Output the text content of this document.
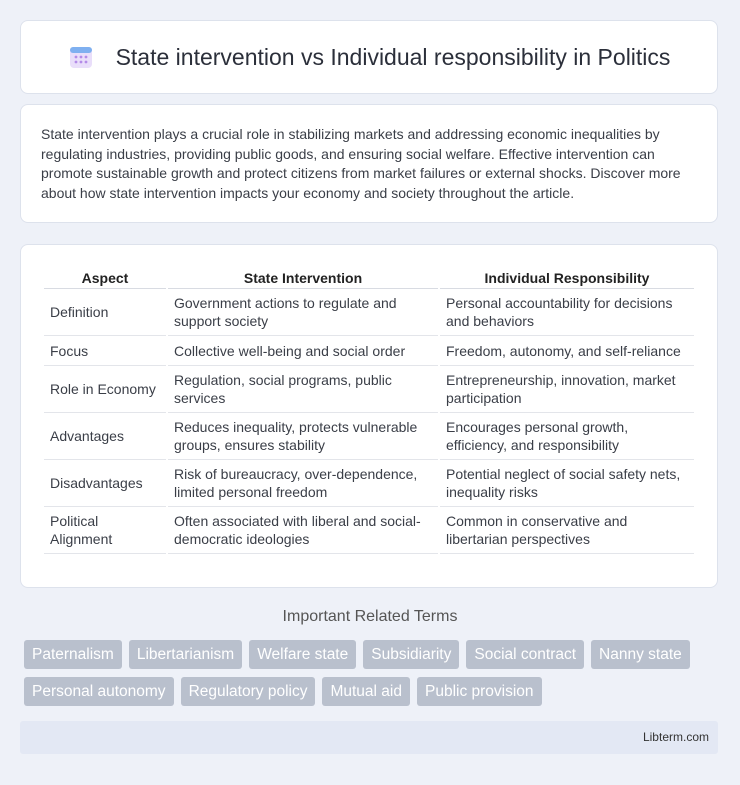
State intervention vs Individual responsibility in Politics

State intervention plays a crucial role in stabilizing markets and addressing economic inequalities by regulating industries, providing public goods, and ensuring social welfare. Effective intervention can promote sustainable growth and protect citizens from market failures or external shocks. Discover more about how state intervention impacts your economy and society throughout the article.

Aspect	State Intervention	Individual Responsibility
Definition	Government actions to regulate and support society	Personal accountability for decisions and behaviors
Focus	Collective well-being and social order	Freedom, autonomy, and self-reliance
Role in Economy	Regulation, social programs, public services	Entrepreneurship, innovation, market participation
Advantages	Reduces inequality, protects vulnerable groups, ensures stability	Encourages personal growth, efficiency, and responsibility
Disadvantages	Risk of bureaucracy, over-dependence, limited personal freedom	Potential neglect of social safety nets, inequality risks
Political Alignment	Often associated with liberal and social-democratic ideologies	Common in conservative and libertarian perspectives
Important Related Terms
Paternalism	Libertarianism	Welfare state	Subsidiarity	Social contract	Nanny state
Personal autonomy	Regulatory policy	Mutual aid	Public provision
Libterm.com
